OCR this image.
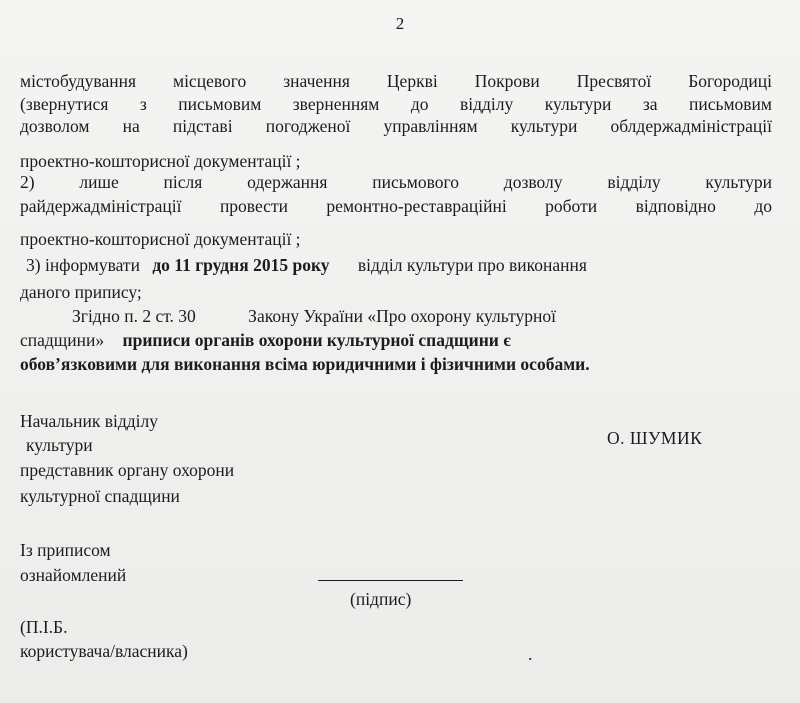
2
містобудування місцевого значення Церкві Покрови Пресвятої Богородиці
(звернутися з письмовим зверненням до відділу культури за письмовим
дозволом на підставі погодженої управлінням культури облдержадміністрації
проектно-кошторисної документації ;
2) лише після одержання письмового дозволу відділу культури
райдержадміністрації провести ремонтно-реставраційні роботи відповідно до
проектно-кошторисної документації ;
3) інформувати до 11 грудня 2015 року відділ культури про виконання
даного припису;
Згідно п. 2 ст. 30	Закону України «Про охорону культурної
спадщини» приписи органів охорони культурної спадщини є
обов’язковими для виконання всіма юридичними і фізичними особами.
Начальник відділу
культури
представник органу охорони
культурної спадщини
О. ШУМИК
Із приписом
ознайомлений
(підпис)
(П.І.Б.
користувача/власника)	.
